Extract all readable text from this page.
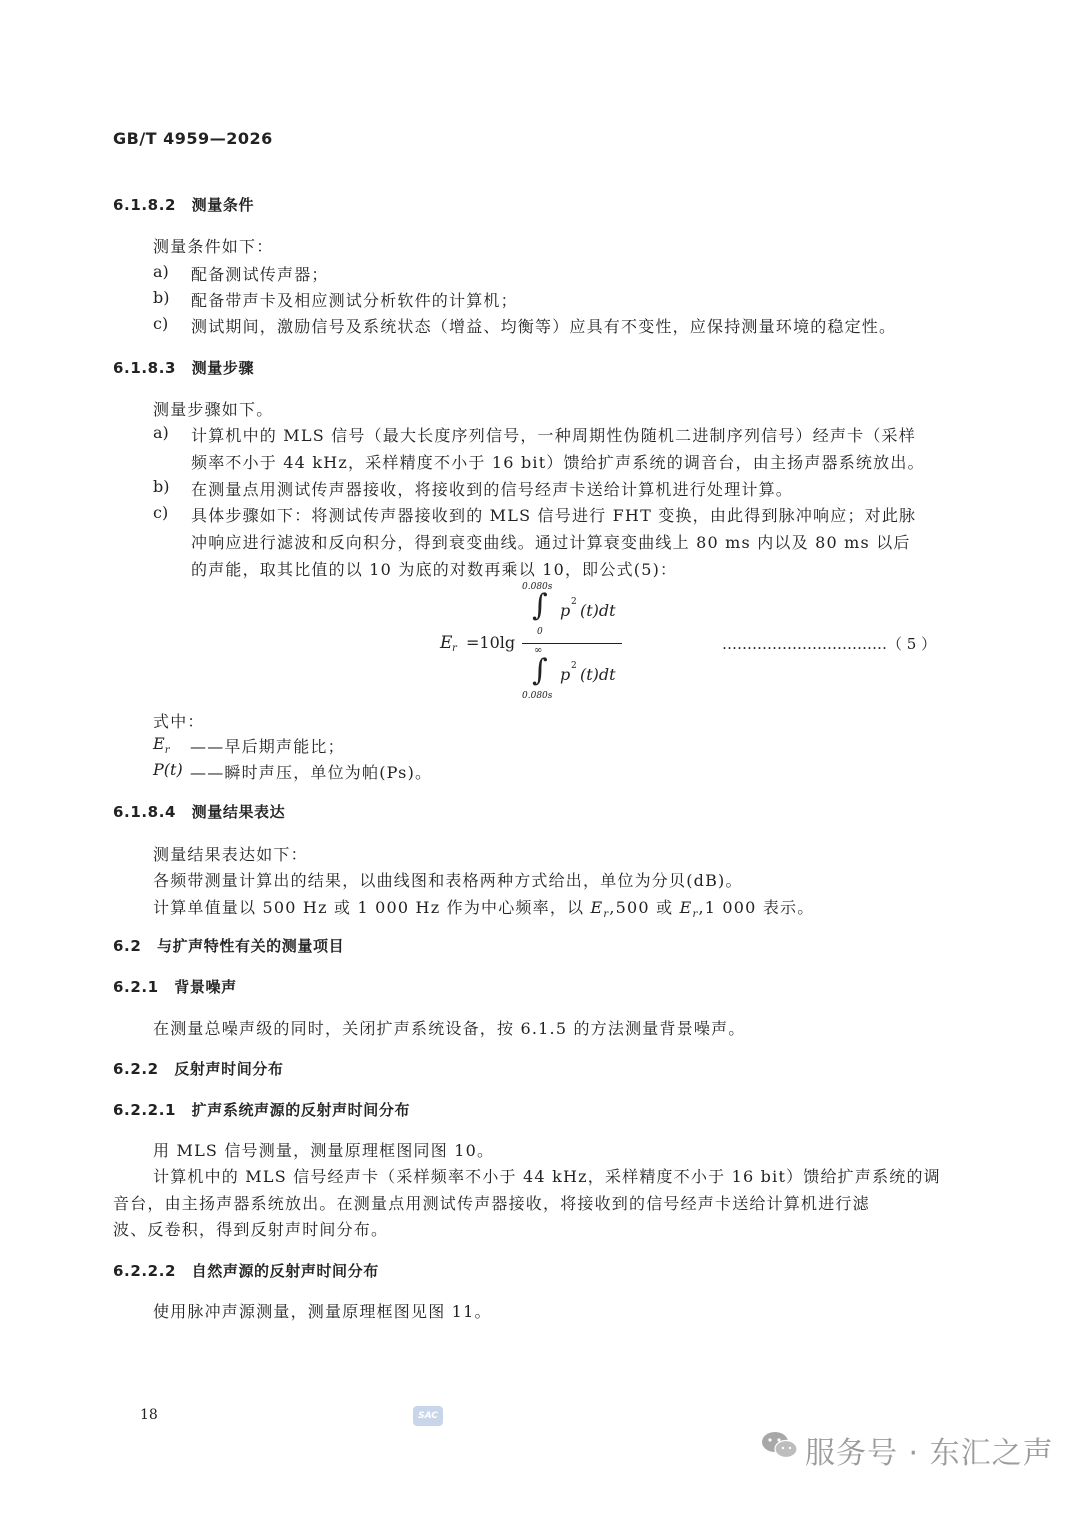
GB/T 4959—2026
6.1.8.2　测量条件
测量条件如下：
a) 配备测试传声器；
b) 配备带声卡及相应测试分析软件的计算机；
c) 测试期间，激励信号及系统状态（增益、均衡等）应具有不变性，应保持测量环境的稳定性。
6.1.8.3　测量步骤
测量步骤如下。
a) 计算机中的 MLS 信号（最大长度序列信号，一种周期性伪随机二进制序列信号）经声卡（采样
频率不小于 44 kHz，采样精度不小于 16 bit）馈给扩声系统的调音台，由主扬声器系统放出。
b) 在测量点用测试传声器接收，将接收到的信号经声卡送给计算机进行处理计算。
c) 具体步骤如下：将测试传声器接收到的 MLS 信号进行 FHT 变换，由此得到脉冲响应；对此脉
冲响应进行滤波和反向积分，得到衰变曲线。通过计算衰变曲线上 80 ms 内以及 80 ms 以后
的声能，取其比值的以 10 为底的对数再乘以 10，即公式(5)：
E r =10lg
0.080s
∫
0
p 2 (t)dt
∞
∫
0.080s
p 2 (t)dt
……………………………（ 5 ）
式中：
$E_r$ ——早后期声能比；
P(t) ——瞬时声压，单位为帕(Ps)。
6.1.8.4　测量结果表达
测量结果表达如下：
各频带测量计算出的结果，以曲线图和表格两种方式给出，单位为分贝(dB)。
计算单值量以 500 Hz 或 1 000 Hz 作为中心频率，以 $E_r,500$ 或 $E_r,1$ 000 表示。
6.2　与扩声特性有关的测量项目
6.2.1　背景噪声
在测量总噪声级的同时，关闭扩声系统设备，按 6.1.5 的方法测量背景噪声。
6.2.2　反射声时间分布
6.2.2.1　扩声系统声源的反射声时间分布
用 MLS 信号测量，测量原理框图同图 10。
计算机中的 MLS 信号经声卡（采样频率不小于 44 kHz，采样精度不小于 16 bit）馈给扩声系统的调
音台，由主扬声器系统放出。在测量点用测试传声器接收，将接收到的信号经声卡送给计算机进行滤
波、反卷积，得到反射声时间分布。
6.2.2.2　自然声源的反射声时间分布
使用脉冲声源测量，测量原理框图见图 11。
18	SAC
服务号 · 东汇之声
